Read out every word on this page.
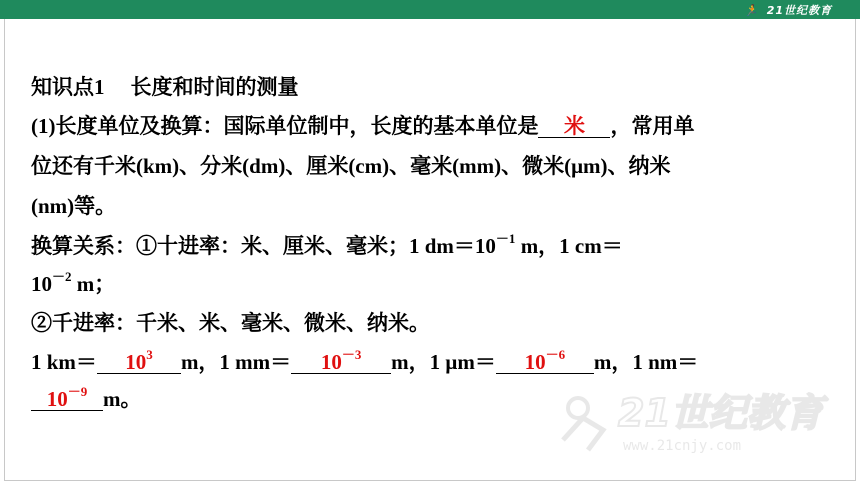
🏃 21世纪教育
知识点1 长度和时间的测量
(1)长度单位及换算：国际单位制中，长度的基本单位是 米 ，常用单
位还有千米(km)、分米(dm)、厘米(cm)、毫米(mm)、微米(μm)、纳米
(nm)等。
换算关系：①十进率：米、厘米、毫米；1 $dm=10^{-1}$ m，1 cm＝
$10^{-2}$ m；
②千进率：千米、米、毫米、微米、纳米。
1 $km= 10^3$ m，1 $mm= 10^{-3}$ m，1 $\mu m= 10^{-6}$ m，1 nm＝
$10^{-9}$ m。	21世纪教育
www.21cnjy.com
